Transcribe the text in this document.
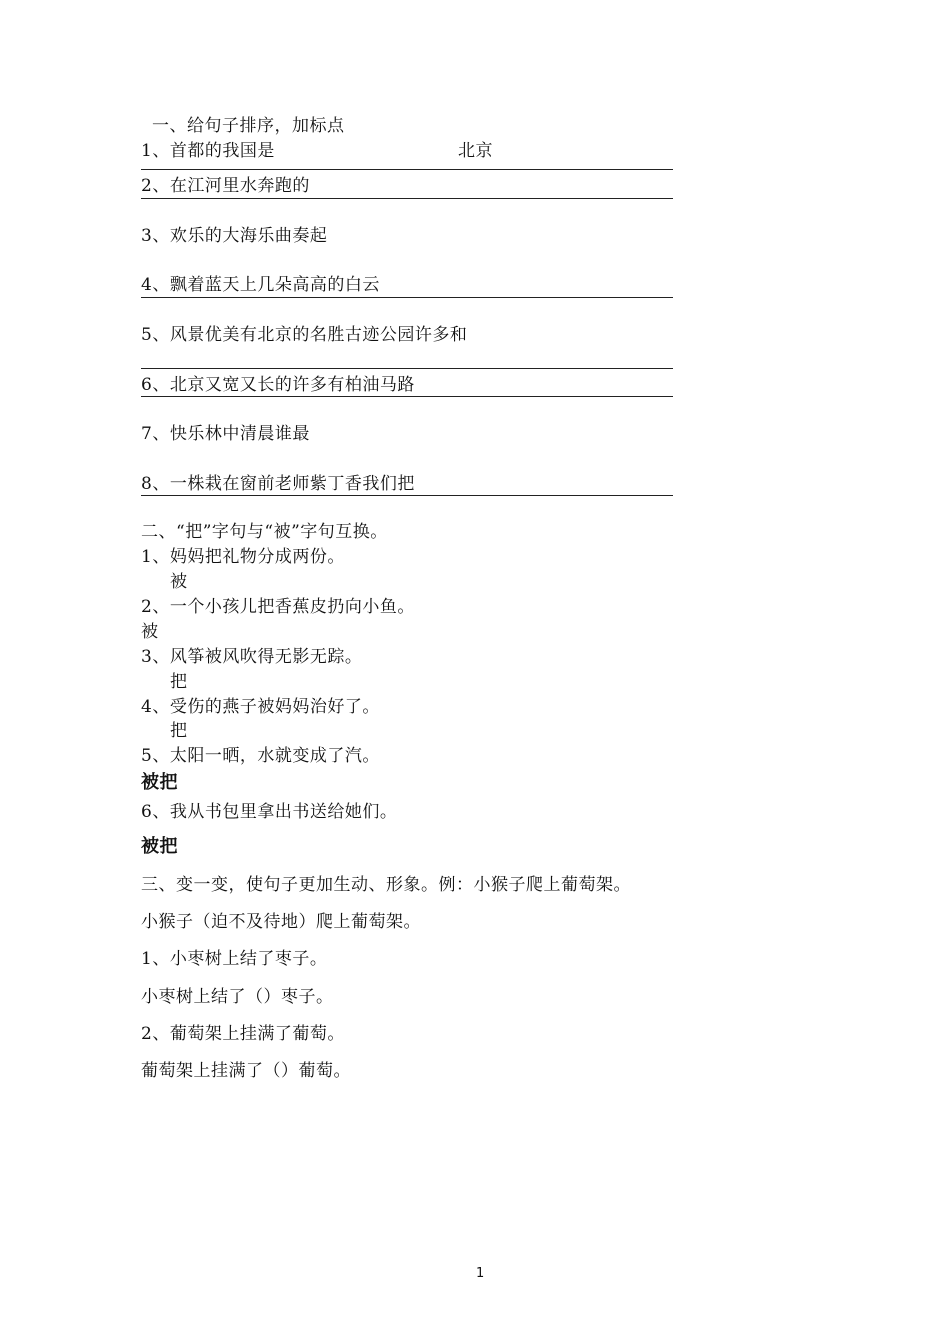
一、给句子排序，加标点
1、首都的我国是	北京
2、在江河里水奔跑的
3、欢乐的大海乐曲奏起
4、飘着蓝天上几朵高高的白云
5、风景优美有北京的名胜古迹公园许多和
6、北京又宽又长的许多有柏油马路
7、快乐林中清晨谁最
8、一株栽在窗前老师紫丁香我们把
二、“把”字句与“被”字句互换。
1、妈妈把礼物分成两份。
被
2、一个小孩儿把香蕉皮扔向小鱼。
被
3、风筝被风吹得无影无踪。
把
4、受伤的燕子被妈妈治好了。
把
5、太阳一晒，水就变成了汽。
被把
6、我从书包里拿出书送给她们。
被把
三、变一变，使句子更加生动、形象。例：小猴子爬上葡萄架。
小猴子（迫不及待地）爬上葡萄架。
1、小枣树上结了枣子。
小枣树上结了（）枣子。
2、葡萄架上挂满了葡萄。
葡萄架上挂满了（）葡萄。
1
